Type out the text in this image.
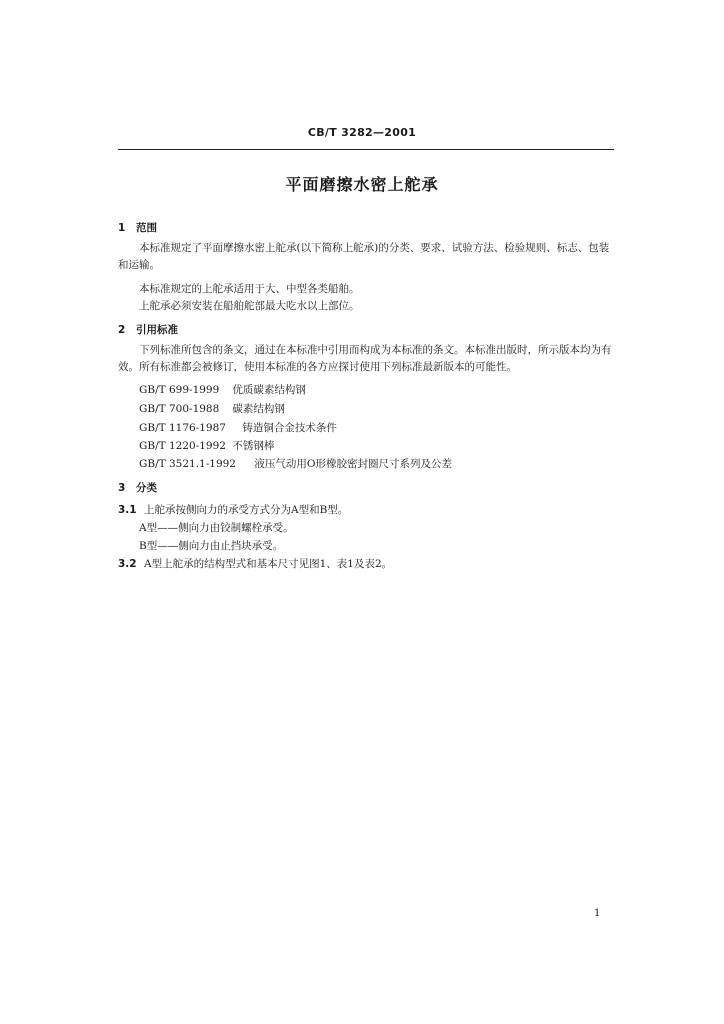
CB/T 3282—2001
平面磨擦水密上舵承
1 范围
本标准规定了平面摩擦水密上舵承(以下简称上舵承)的分类、要求、试验方法、检验规则、标志、包装和运输。
本标准规定的上舵承适用于大、中型各类船舶。
上舵承必须安装在船舶舵部最大吃水以上部位。
2 引用标准
下列标准所包含的条文，通过在本标准中引用而构成为本标准的条文。本标准出版时，所示版本均为有效。所有标准都会被修订，使用本标准的各方应探讨使用下列标准最新版本的可能性。
GB/T 699-1999 优质碳素结构钢
GB/T 700-1988 碳素结构钢
GB/T 1176-1987 铸造铜合金技术条件
GB/T 1220-1992 不锈钢棒
GB/T 3521.1-1992 液压气动用O形橡胶密封圈尺寸系列及公差
3 分类
3.1 上舵承按侧向力的承受方式分为A型和B型。
A型——侧向力由铰制螺栓承受。
B型——侧向力由止挡块承受。
3.2 A型上舵承的结构型式和基本尺寸见图1、表1及表2。
1
